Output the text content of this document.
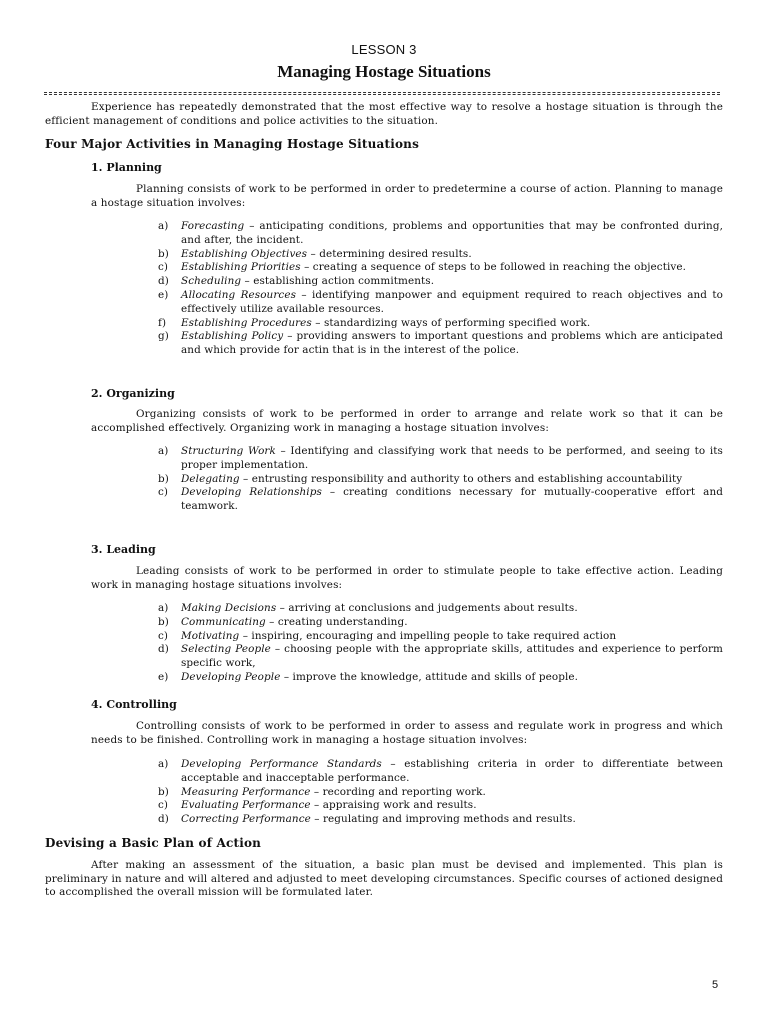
LESSON 3
Managing Hostage Situations
Experience has repeatedly demonstrated that the most effective way to resolve a hostage situation is through the efficient management of conditions and police activities to the situation.
Four Major Activities in Managing Hostage Situations
1. Planning
Planning consists of work to be performed in order to predetermine a course of action. Planning to manage a hostage situation involves:
a) Forecasting – anticipating conditions, problems and opportunities that may be confronted during, and after, the incident.
b) Establishing Objectives – determining desired results.
c) Establishing Priorities – creating a sequence of steps to be followed in reaching the objective.
d) Scheduling – establishing action commitments.
e) Allocating Resources – identifying manpower and equipment required to reach objectives and to effectively utilize available resources.
f) Establishing Procedures – standardizing ways of performing specified work.
g) Establishing Policy – providing answers to important questions and problems which are anticipated and which provide for actin that is in the interest of the police.
2. Organizing
Organizing consists of work to be performed in order to arrange and relate work so that it can be accomplished effectively. Organizing work in managing a hostage situation involves:
a) Structuring Work – Identifying and classifying work that needs to be performed, and seeing to its proper implementation.
b) Delegating – entrusting responsibility and authority to others and establishing accountability
c) Developing Relationships – creating conditions necessary for mutually-cooperative effort and teamwork.
3. Leading
Leading consists of work to be performed in order to stimulate people to take effective action. Leading work in managing hostage situations involves:
a) Making Decisions – arriving at conclusions and judgements about results.
b) Communicating – creating understanding.
c) Motivating – inspiring, encouraging and impelling people to take required action
d) Selecting People – choosing people with the appropriate skills, attitudes and experience to perform specific work,
e) Developing People – improve the knowledge, attitude and skills of people.
4. Controlling
Controlling consists of work to be performed in order to assess and regulate work in progress and which needs to be finished. Controlling work in managing a hostage situation involves:
a) Developing Performance Standards – establishing criteria in order to differentiate between acceptable and inacceptable performance.
b) Measuring Performance – recording and reporting work.
c) Evaluating Performance – appraising work and results.
d) Correcting Performance – regulating and improving methods and results.
Devising a Basic Plan of Action
After making an assessment of the situation, a basic plan must be devised and implemented. This plan is preliminary in nature and will altered and adjusted to meet developing circumstances. Specific courses of actioned designed to accomplished the overall mission will be formulated later.
5
